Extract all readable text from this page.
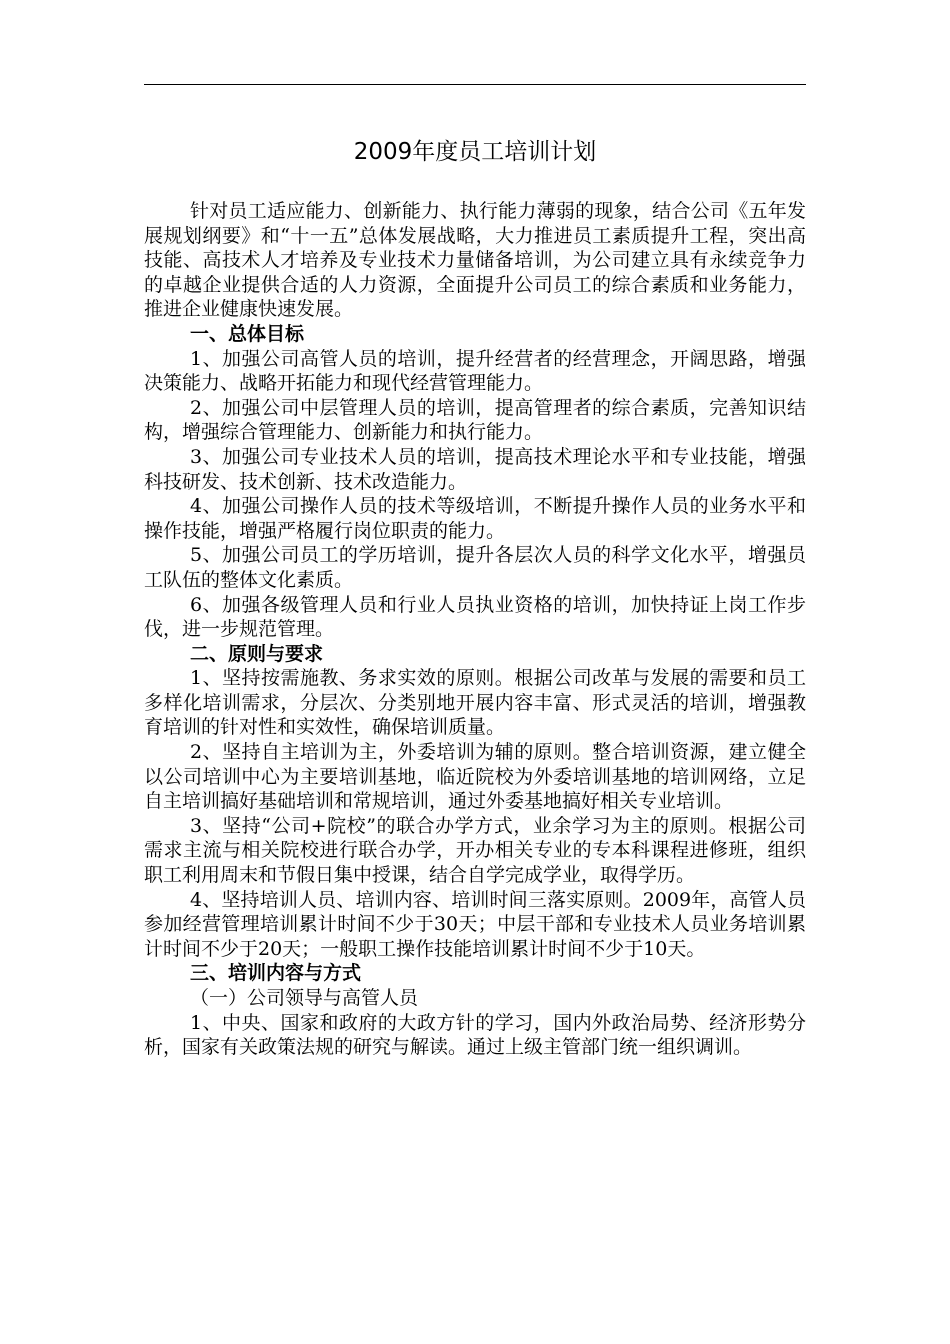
2009年度员工培训计划

针对员工适应能力、创新能力、执行能力薄弱的现象，结合公司《五年发展规划纲要》和“十一五”总体发展战略，大力推进员工素质提升工程，突出高技能、高技术人才培养及专业技术力量储备培训，为公司建立具有永续竞争力的卓越企业提供合适的人力资源，全面提升公司员工的综合素质和业务能力，推进企业健康快速发展。

一、总体目标

1、加强公司高管人员的培训，提升经营者的经营理念，开阔思路，增强决策能力、战略开拓能力和现代经营管理能力。

2、加强公司中层管理人员的培训，提高管理者的综合素质，完善知识结构，增强综合管理能力、创新能力和执行能力。

3、加强公司专业技术人员的培训，提高技术理论水平和专业技能，增强科技研发、技术创新、技术改造能力。

4、加强公司操作人员的技术等级培训，不断提升操作人员的业务水平和操作技能，增强严格履行岗位职责的能力。

5、加强公司员工的学历培训，提升各层次人员的科学文化水平，增强员工队伍的整体文化素质。

6、加强各级管理人员和行业人员执业资格的培训，加快持证上岗工作步伐，进一步规范管理。

二、原则与要求

1、坚持按需施教、务求实效的原则。根据公司改革与发展的需要和员工多样化培训需求，分层次、分类别地开展内容丰富、形式灵活的培训，增强教育培训的针对性和实效性，确保培训质量。

2、坚持自主培训为主，外委培训为辅的原则。整合培训资源，建立健全以公司培训中心为主要培训基地，临近院校为外委培训基地的培训网络，立足自主培训搞好基础培训和常规培训，通过外委基地搞好相关专业培训。

3、坚持“公司+院校”的联合办学方式，业余学习为主的原则。根据公司需求主流与相关院校进行联合办学，开办相关专业的专本科课程进修班，组织职工利用周末和节假日集中授课，结合自学完成学业，取得学历。

4、坚持培训人员、培训内容、培训时间三落实原则。2009年，高管人员参加经营管理培训累计时间不少于30天；中层干部和专业技术人员业务培训累计时间不少于20天；一般职工操作技能培训累计时间不少于10天。

三、培训内容与方式

（一）公司领导与高管人员

1、中央、国家和政府的大政方针的学习，国内外政治局势、经济形势分析，国家有关政策法规的研究与解读。通过上级主管部门统一组织调训。
